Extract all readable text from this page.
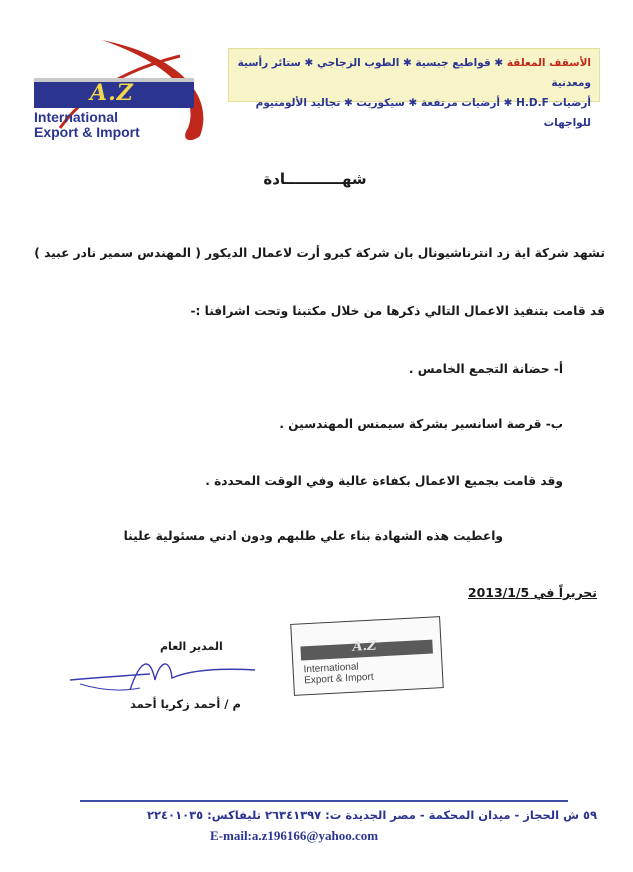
A.Z
International
Export & Import
الأسقف المعلقة ✱ قواطيع جبسية ✱ الطوب الزجاجي ✱ ستائر رأسية ومعدنية
أرضيات H.D.F ✱ أرضيات مرتفعة ✱ سيكوريت ✱ تجاليد الألومنيوم للواجهات
شهـــــــــــادة
تشهد شركة اية زد انترناشيونال بان شركة كيرو أرت لاعمال الديكور ( المهندس سمير نادر عبيد )
قد قامت بتنفيذ الاعمال التالي ذكرها من خلال مكتبنا وتحت اشرافنا :-
أ- حضانة التجمع الخامس .
ب- قرصة اسانسير بشركة سيمنس المهندسين .
وقد قامت بجميع الاعمال بكفاءة عالية وفي الوقت المحددة .
واعطيت هذه الشهادة بناء علي طلبهم ودون ادني مسئولية علينا
تحريراً في 2013/1/5
المدير العام
م / أحمد زكريا أحمد
A.Z
International
Export & Import
٥٩ ش الحجاز - ميدان المحكمة - مصر الجديدة ت: ٢٦٣٤١٣٩٧ تليفاكس: ٢٢٤٠١٠٣٥
E-mail:a.z196166@yahoo.com
